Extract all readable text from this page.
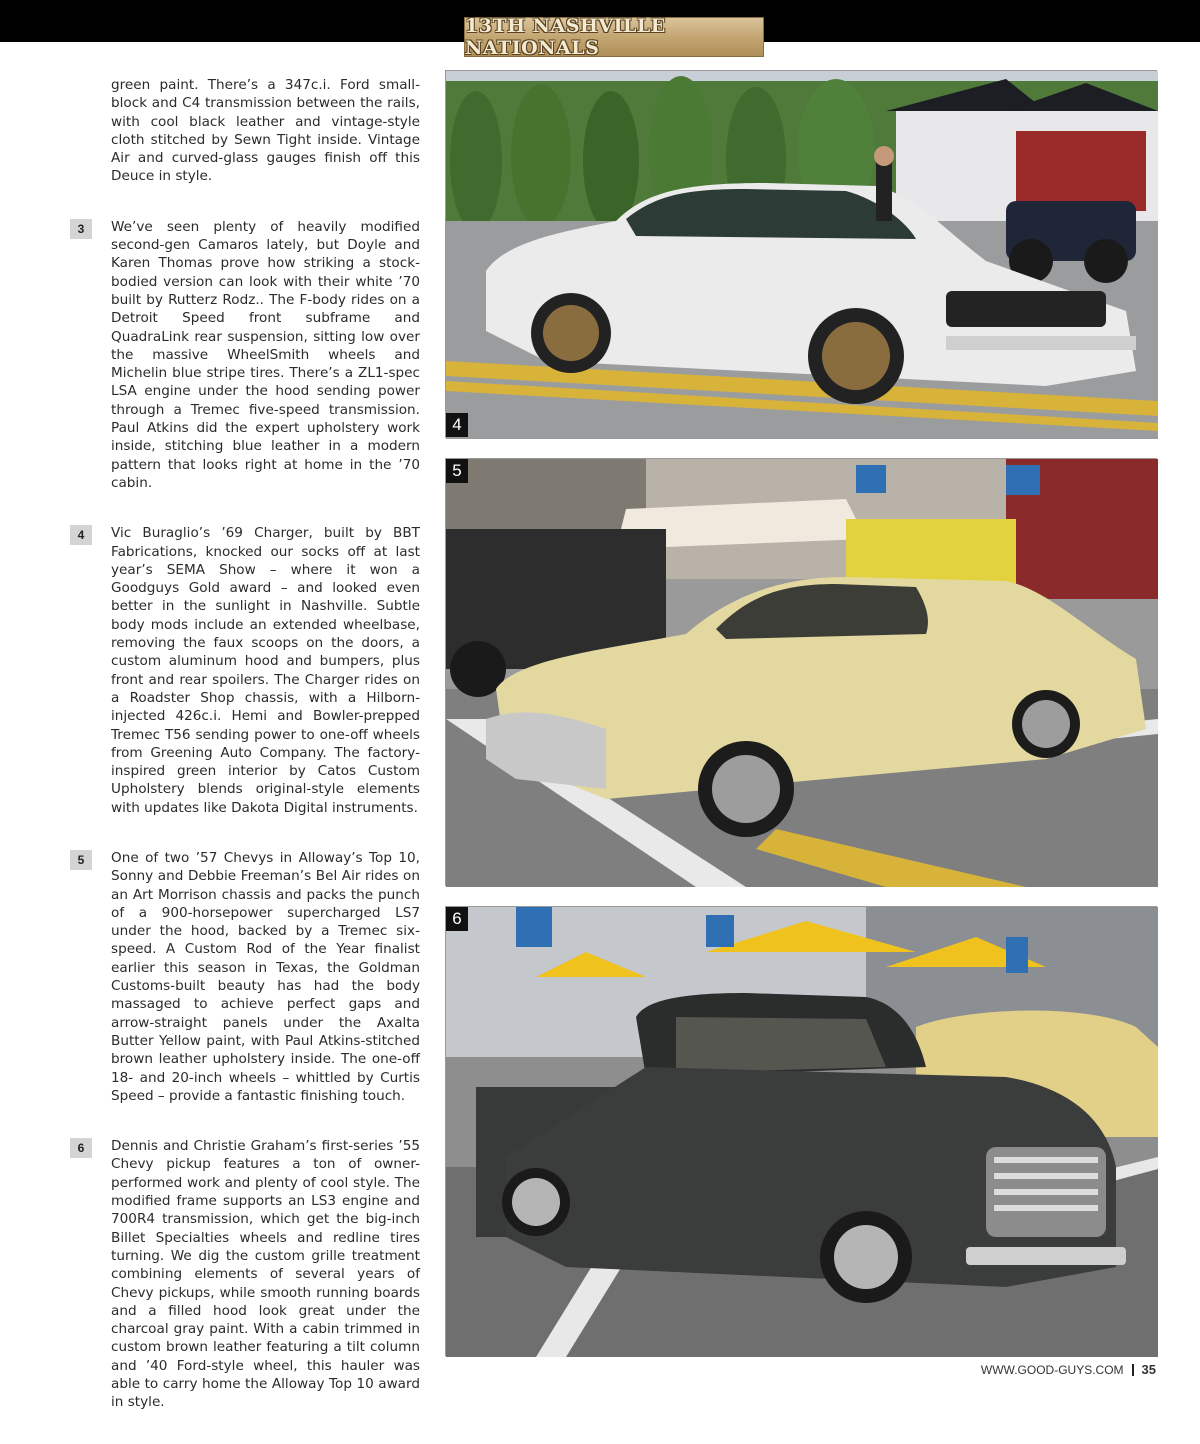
13TH NASHVILLE NATIONALS

green paint. There’s a 347c.i. Ford small-block and C4 transmission between the rails, with cool black leather and vintage-style cloth stitched by Sewn Tight inside. Vintage Air and curved-glass gauges finish off this Deuce in style.

3	We’ve seen plenty of heavily modified second-gen Camaros lately, but Doyle and Karen Thomas prove how striking a stock-bodied version can look with their white ’70 built by Rutterz Rodz.. The F-body rides on a Detroit Speed front subframe and QuadraLink rear suspension, sitting low over the massive WheelSmith wheels and Michelin blue stripe tires. There’s a ZL1-spec LSA engine under the hood sending power through a Tremec five-speed transmission. Paul Atkins did the expert upholstery work inside, stitching blue leather in a modern pattern that looks right at home in the ’70 cabin.

4	Vic Buraglio’s ’69 Charger, built by BBT Fabrications, knocked our socks off at last year’s SEMA Show – where it won a Goodguys Gold award – and looked even better in the sunlight in Nashville. Subtle body mods include an extended wheelbase, removing the faux scoops on the doors, a custom aluminum hood and bumpers, plus front and rear spoilers. The Charger rides on a Roadster Shop chassis, with a Hilborn-injected 426c.i. Hemi and Bowler-prepped Tremec T56 sending power to one-off wheels from Greening Auto Company. The factory-inspired green interior by Catos Custom Upholstery blends original-style elements with updates like Dakota Digital instruments.

5	One of two ’57 Chevys in Alloway’s Top 10, Sonny and Debbie Freeman’s Bel Air rides on an Art Morrison chassis and packs the punch of a 900-horsepower supercharged LS7 under the hood, backed by a Tremec six-speed. A Custom Rod of the Year finalist earlier this season in Texas, the Goldman Customs-built beauty has had the body massaged to achieve perfect gaps and arrow-straight panels under the Axalta Butter Yellow paint, with Paul Atkins-stitched brown leather upholstery inside. The one-off 18- and 20-inch wheels – whittled by Curtis Speed – provide a fantastic finishing touch.

6	Dennis and Christie Graham’s first-series ’55 Chevy pickup features a ton of owner-performed work and plenty of cool style. The modified frame supports an LS3 engine and 700R4 transmission, which get the big-inch Billet Specialties wheels and redline tires turning. We dig the custom grille treatment combining elements of several years of Chevy pickups, while smooth running boards and a filled hood look great under the charcoal gray paint. With a cabin trimmed in custom brown leather featuring a tilt column and ’40 Ford-style wheel, this hauler was able to carry home the Alloway Top 10 award in style.

4
5
6
WWW.GOOD-GUYS.COM 35
